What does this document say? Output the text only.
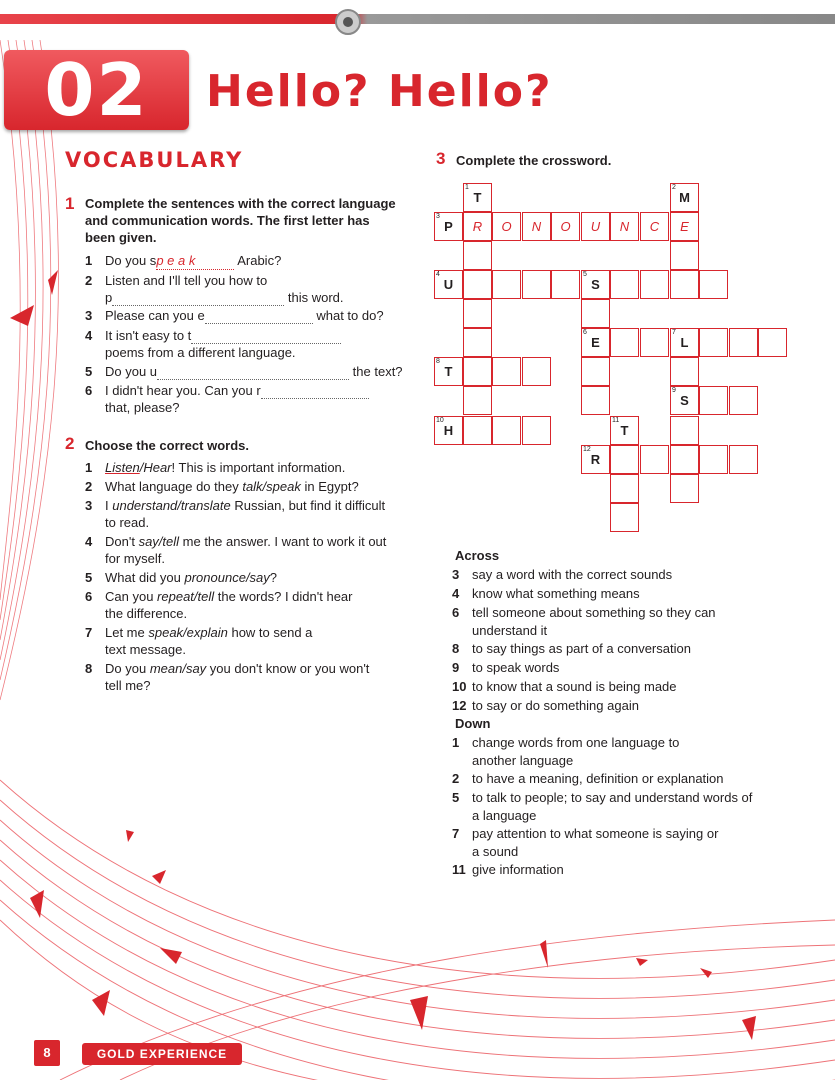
02	Hello? Hello?
VOCABULARY
1 Complete the sentences with the correct language
and communication words. The first letter has
been given.
1 Do you sp e a k	Arabic?
2 Listen and I'll tell you how to
p	this word.
3 Please can you e	what to do?
4 It isn't easy to t
poems from a different language.
5 Do you u	the text?
6 I didn't hear you. Can you r
that, please?
2 Choose the correct words.
1 Listen/Hear! This is important information.
2 What language do they talk/speak in Egypt?
3 I understand/translate Russian, but find it difficult
to read.
4 Don't say/tell me the answer. I want to work it out
for myself.
5 What did you pronounce/say?
6 Can you repeat/tell the words? I didn't hear
the difference.
7 Let me speak/explain how to send a
text message.
8 Do you mean/say you don't know or you won't
tell me?
3 Complete the crossword.
1
T
2
M
3
P	R	O	N	O	U	N	C	E
4
U
5
S
6
E
7
L
8
T
9
S
10
H
11
T
12
R
Across
3 say a word with the correct sounds
4 know what something means
6 tell someone about something so they can
understand it
8 to say things as part of a conversation
9 to speak words
10 to know that a sound is being made
12 to say or do something again
Down
1 change words from one language to
another language
2 to have a meaning, definition or explanation
5 to talk to people; to say and understand words of
a language
7 pay attention to what someone is saying or
a sound
11 give information
8	GOLD EXPERIENCE
